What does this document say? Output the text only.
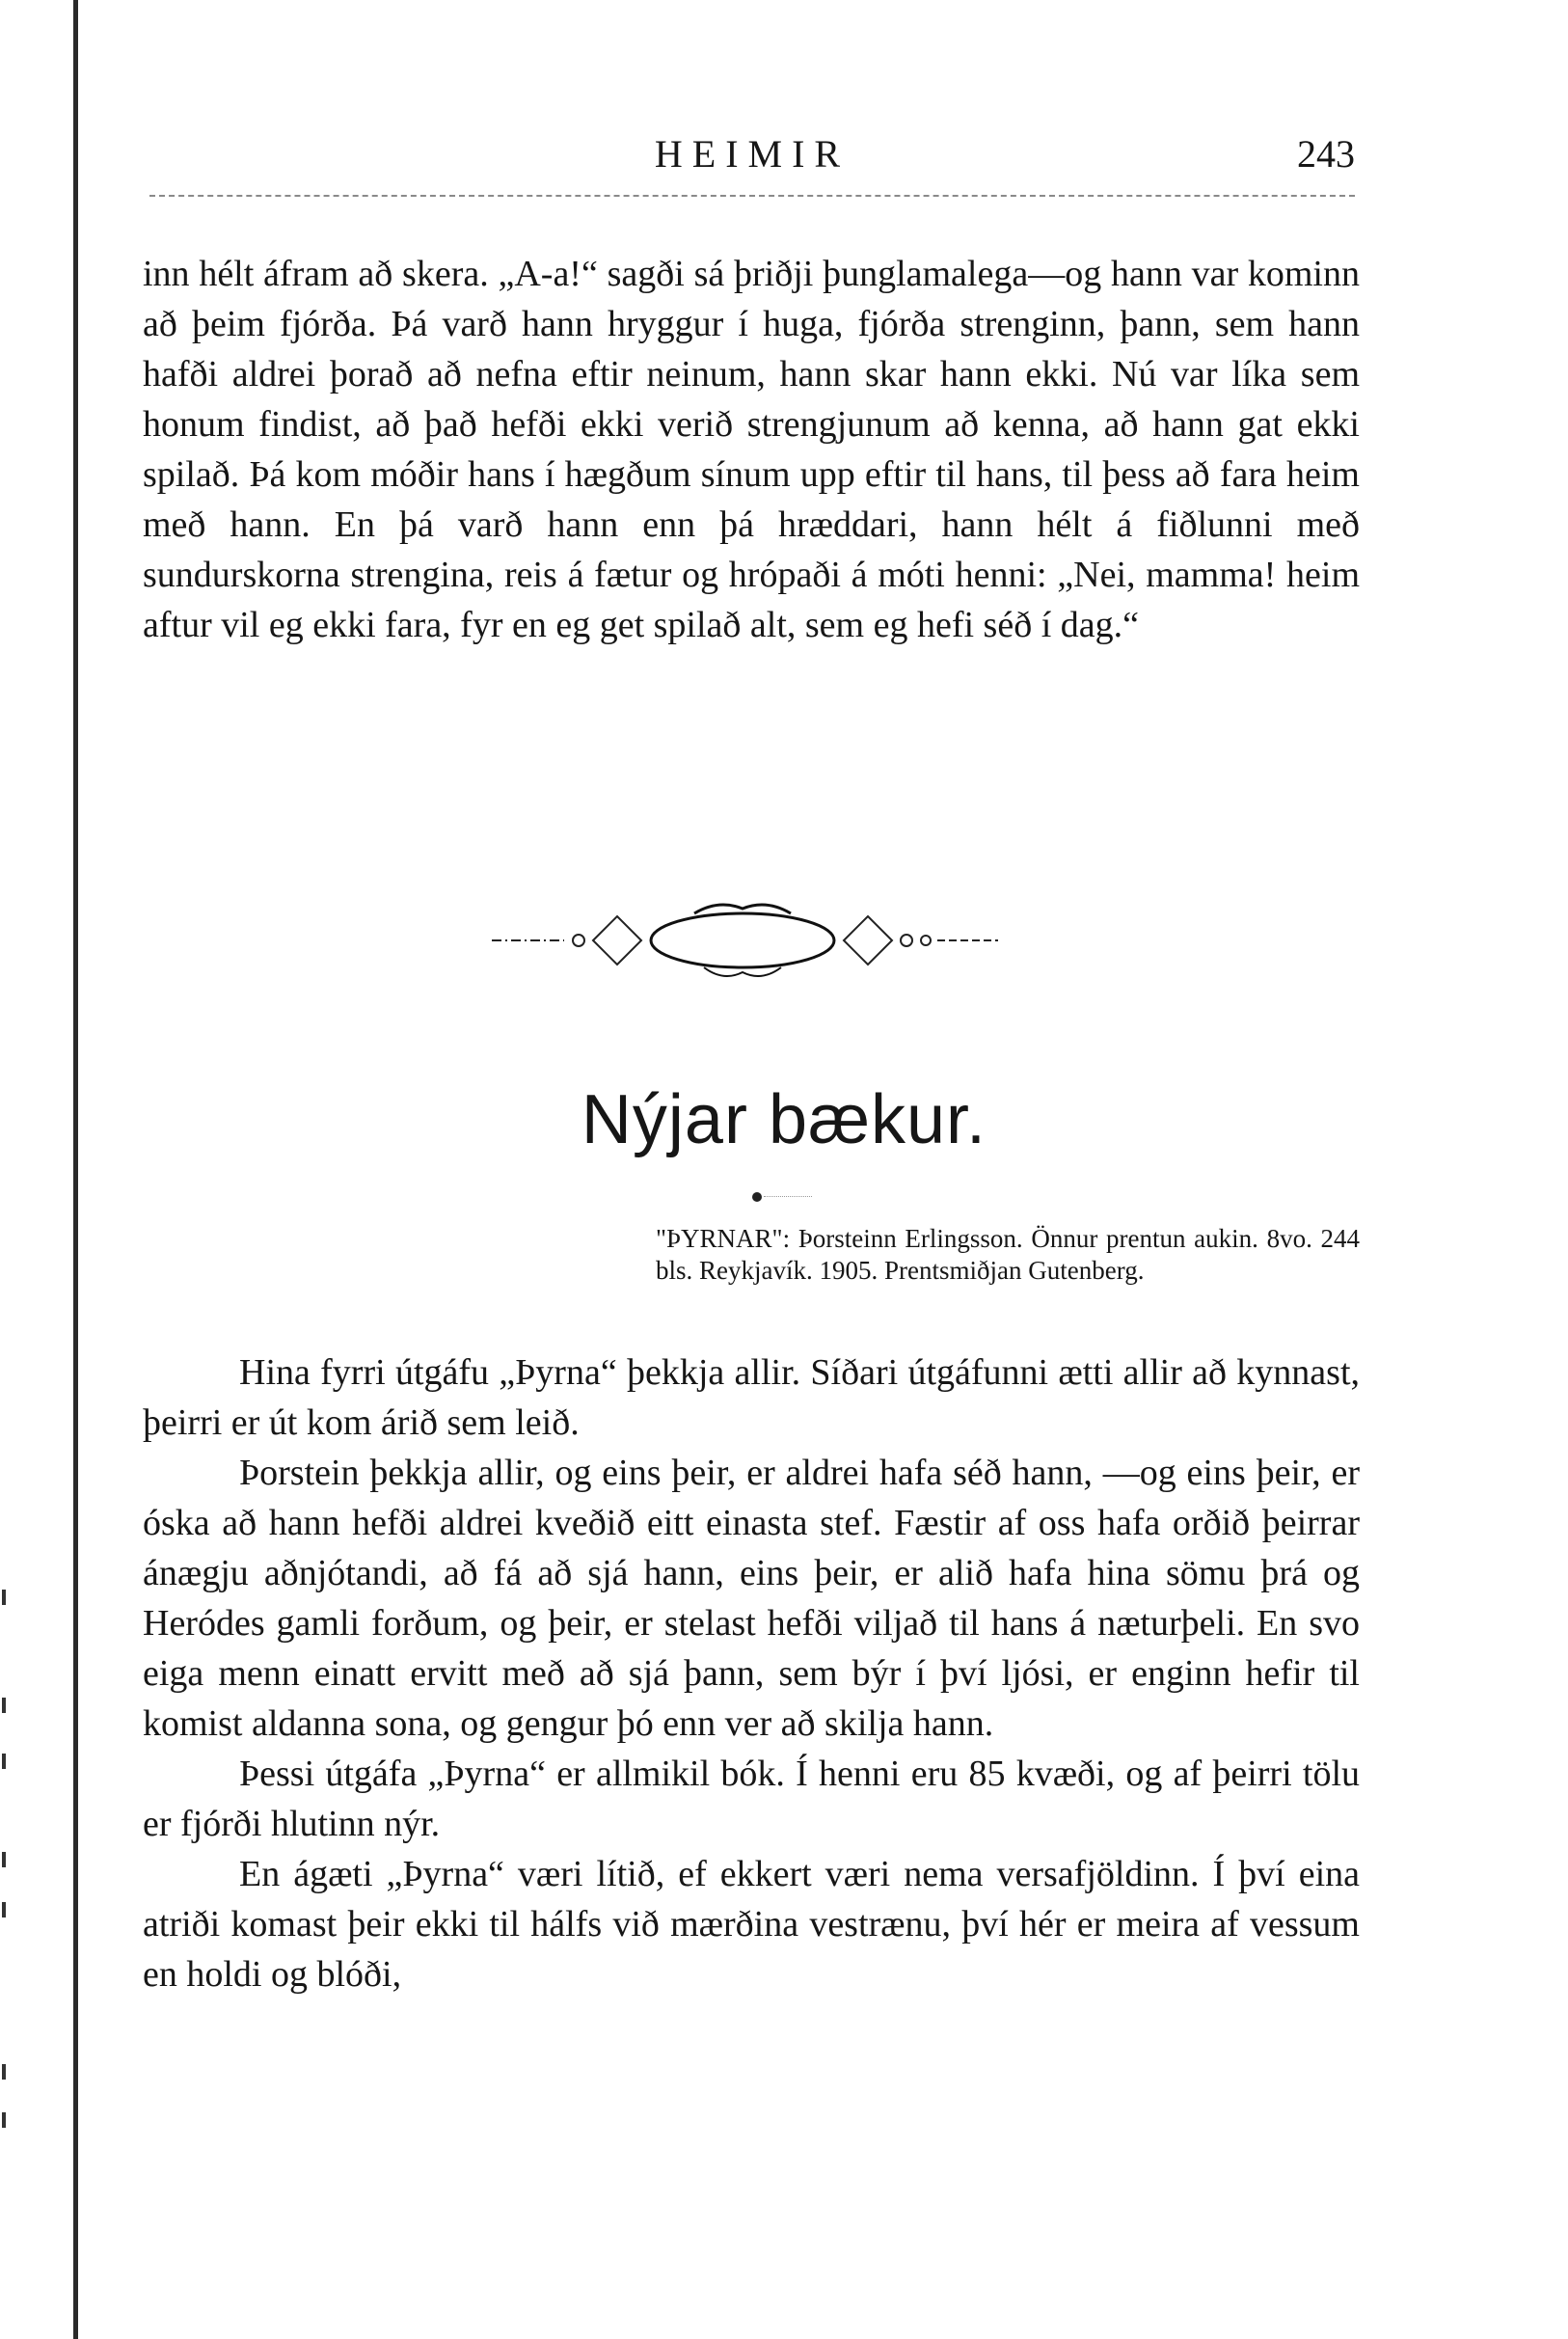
HEIMIR	243

inn hélt áfram að skera. „A-a!“ sagði sá þriðji þunglamalega—og hann var kominn að þeim fjórða. Þá varð hann hryggur í huga, fjórða strenginn, þann, sem hann hafði aldrei þorað að nefna eftir neinum, hann skar hann ekki. Nú var líka sem honum findist, að það hefði ekki verið strengjunum að kenna, að hann gat ekki spilað. Þá kom móðir hans í hægðum sínum upp eftir til hans, til þess að fara heim með hann. En þá varð hann enn þá hræddari, hann hélt á fiðlunni með sundurskorna strengina, reis á fætur og hrópaði á móti henni: „Nei, mamma! heim aftur vil eg ekki fara, fyr en eg get spilað alt, sem eg hefi séð í dag.“

Nýjar bækur.
"ÞYRNAR": Þorsteinn Erlingsson. Önnur prentun aukin. 8vo. 244 bls. Reykjavík. 1905. Prentsmiðjan Gutenberg.

Hina fyrri útgáfu „Þyrna“ þekkja allir. Síðari útgáfunni ætti allir að kynnast, þeirri er út kom árið sem leið.

Þorstein þekkja allir, og eins þeir, er aldrei hafa séð hann, —og eins þeir, er óska að hann hefði aldrei kveðið eitt einasta stef. Fæstir af oss hafa orðið þeirrar ánægju aðnjótandi, að fá að sjá hann, eins þeir, er alið hafa hina sömu þrá og Heródes gamli forðum, og þeir, er stelast hefði viljað til hans á næturþeli. En svo eiga menn einatt ervitt með að sjá þann, sem býr í því ljósi, er enginn hefir til komist aldanna sona, og gengur þó enn ver að skilja hann.

Þessi útgáfa „Þyrna“ er allmikil bók. Í henni eru 85 kvæði, og af þeirri tölu er fjórði hlutinn nýr.

En ágæti „Þyrna“ væri lítið, ef ekkert væri nema versafjöldinn. Í því eina atriði komast þeir ekki til hálfs við mærðina vestrænu, því hér er meira af vessum en holdi og blóði,
